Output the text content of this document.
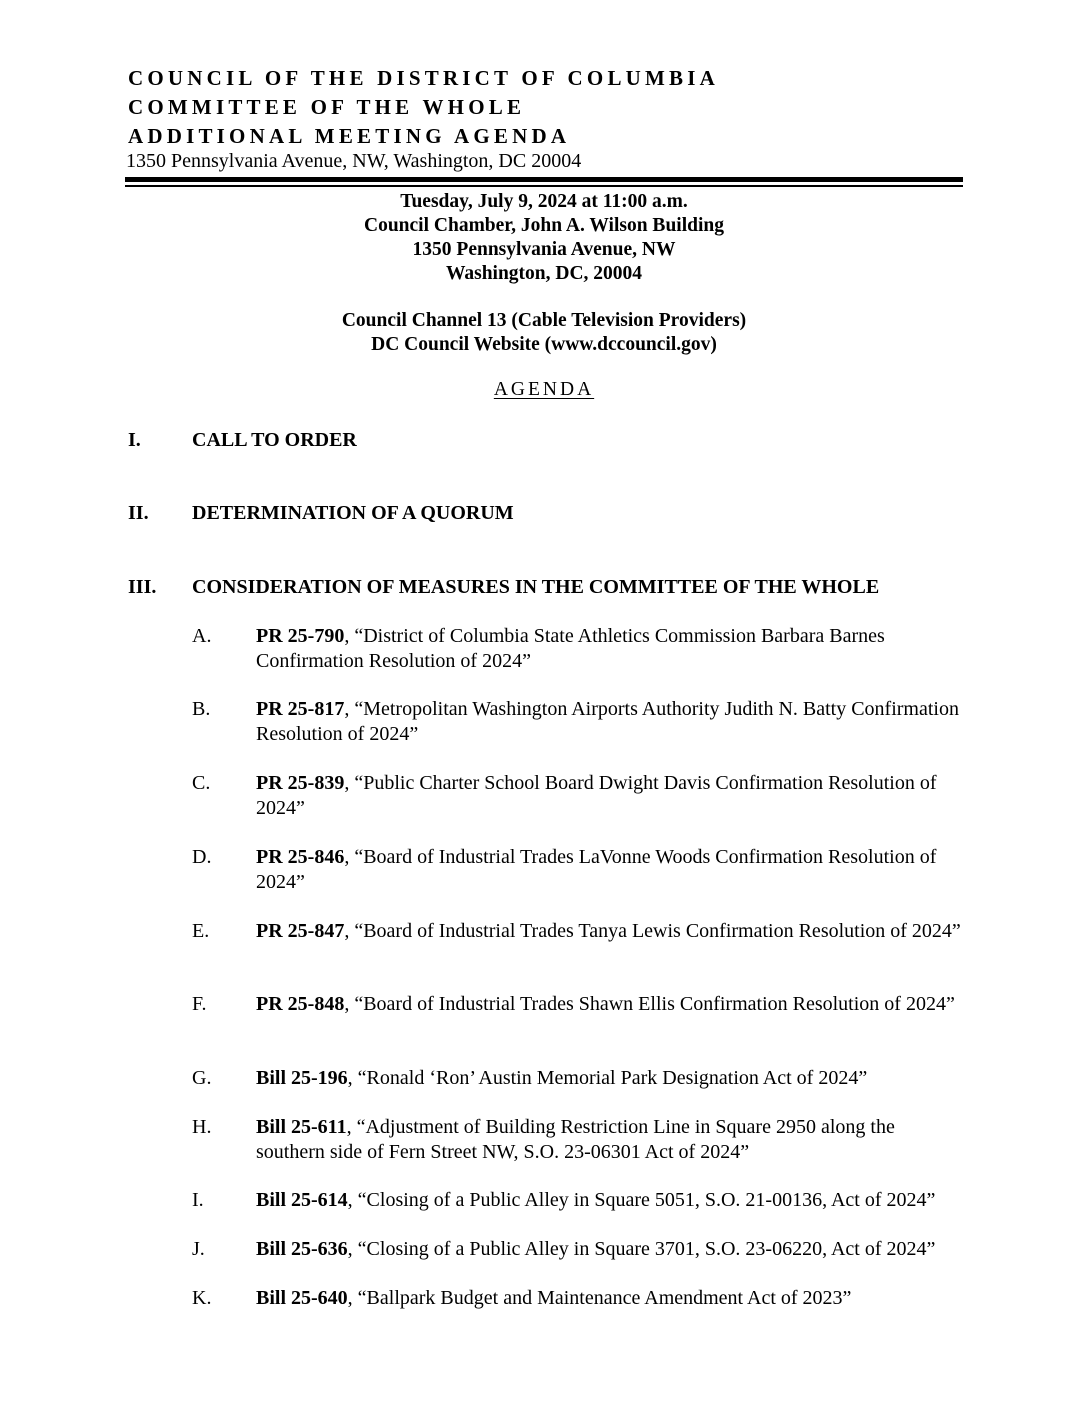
COUNCIL OF THE DISTRICT OF COLUMBIA
COMMITTEE OF THE WHOLE
ADDITIONAL MEETING AGENDA
1350 Pennsylvania Avenue, NW, Washington, DC 20004
Tuesday, July 9, 2024 at 11:00 a.m.
Council Chamber, John A. Wilson Building
1350 Pennsylvania Avenue, NW
Washington, DC, 20004
Council Channel 13 (Cable Television Providers)
DC Council Website (www.dccouncil.gov)
AGENDA
I.	CALL TO ORDER
II. DETERMINATION OF A QUORUM
III. CONSIDERATION OF MEASURES IN THE COMMITTEE OF THE WHOLE
A. PR 25-790, “District of Columbia State Athletics Commission Barbara Barnes Confirmation Resolution of 2024”
B. PR 25-817, “Metropolitan Washington Airports Authority Judith N. Batty Confirmation Resolution of 2024”
C. PR 25-839, “Public Charter School Board Dwight Davis Confirmation Resolution of 2024”
D. PR 25-846, “Board of Industrial Trades LaVonne Woods Confirmation Resolution of 2024”
E. PR 25-847, “Board of Industrial Trades Tanya Lewis Confirmation Resolution of 2024”
F. PR 25-848, “Board of Industrial Trades Shawn Ellis Confirmation Resolution of 2024”
G. Bill 25-196, “Ronald ‘Ron’ Austin Memorial Park Designation Act of 2024”
H. Bill 25-611, “Adjustment of Building Restriction Line in Square 2950 along the southern side of Fern Street NW, S.O. 23-06301 Act of 2024”
I.	Bill 25-614, “Closing of a Public Alley in Square 5051, S.O. 21-00136, Act of 2024”
J.	Bill 25-636, “Closing of a Public Alley in Square 3701, S.O. 23-06220, Act of 2024”
K. Bill 25-640, “Ballpark Budget and Maintenance Amendment Act of 2023”
